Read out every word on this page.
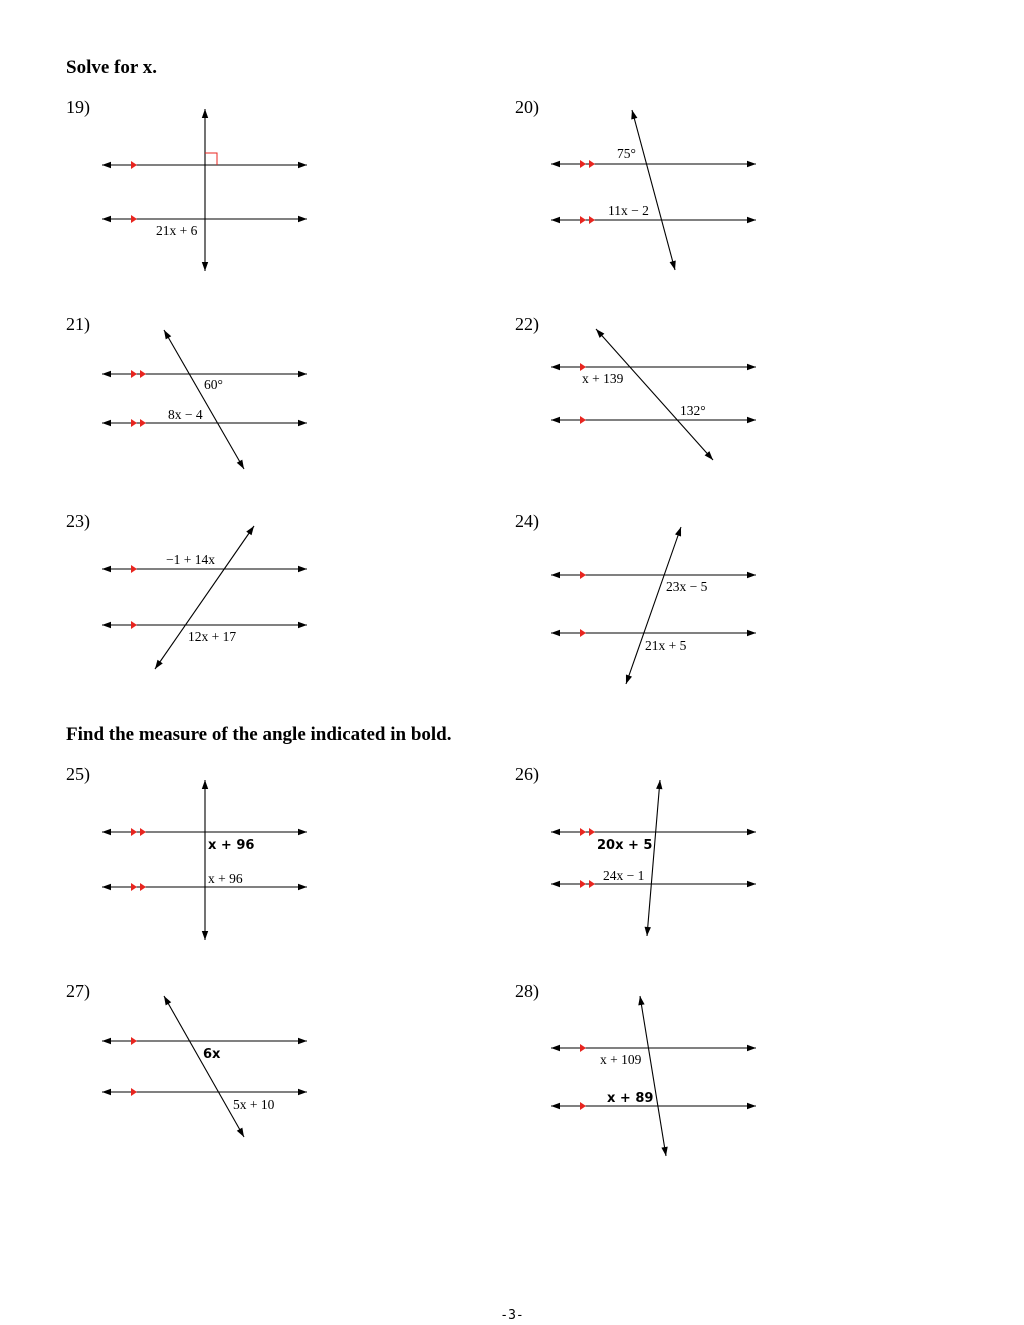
Solve for x.
19)
21x + 6
20)
75°
11x − 2
21)
60°
8x − 4
22)
x + 139
132°
23)
−1 + 14x
12x + 17
24)
23x − 5
21x + 5
Find the measure of the angle indicated in bold.
25)
x + 96
x + 96
26)
20x + 5
24x − 1
27)
6x
5x + 10
28)
x + 109
x + 89
-3-
